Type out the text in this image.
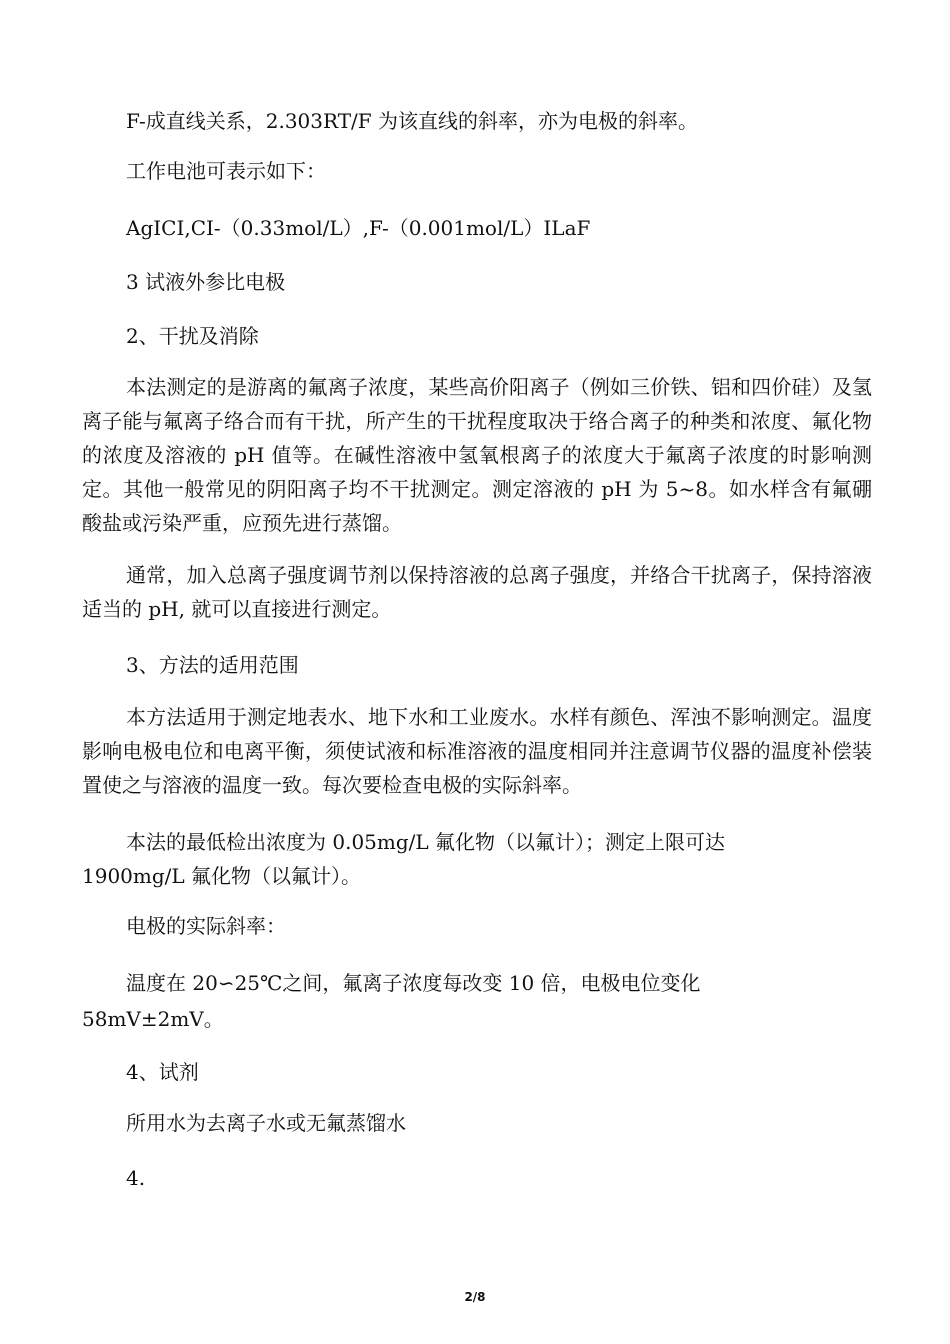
F-成直线关系，2.303RT/F 为该直线的斜率，亦为电极的斜率。
工作电池可表示如下：
AgⅠCI,CI-（0.33mol/L）,F-（0.001mol/L）ⅠLaF
3 试液外参比电极
2、干扰及消除
本法测定的是游离的氟离子浓度，某些高价阳离子（例如三价铁、铝和四价硅）及氢离子能与氟离子络合而有干扰，所产生的干扰程度取决于络合离子的种类和浓度、氟化物的浓度及溶液的 pH 值等。在碱性溶液中氢氧根离子的浓度大于氟离子浓度的时影响测定。其他一般常见的阴阳离子均不干扰测定。测定溶液的 pH 为 5~8。如水样含有氟硼酸盐或污染严重，应预先进行蒸馏。
通常，加入总离子强度调节剂以保持溶液的总离子强度，并络合干扰离子，保持溶液适当的 pH, 就可以直接进行测定。
3、方法的适用范围
本方法适用于测定地表水、地下水和工业废水。水样有颜色、浑浊不影响测定。温度影响电极电位和电离平衡，须使试液和标准溶液的温度相同并注意调节仪器的温度补偿装置使之与溶液的温度一致。每次要检查电极的实际斜率。
本法的最低检出浓度为 0.05mg/L 氟化物（以氟计）；测定上限可达
1900mg/L 氟化物（以氟计）。
电极的实际斜率：
温度在 20∽25℃之间，氟离子浓度每改变 10 倍，电极电位变化
58mV±2mV。
4、试剂
所用水为去离子水或无氟蒸馏水
4.
2/8
